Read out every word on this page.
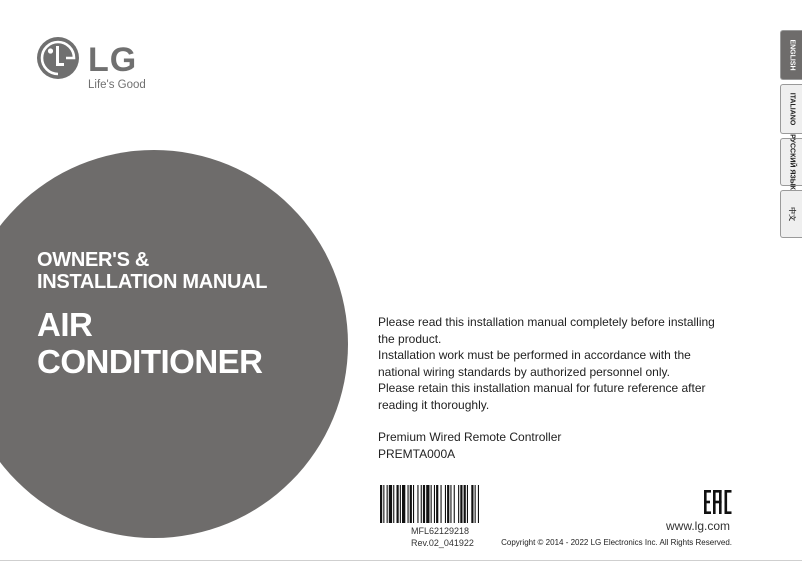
LG
Life's Good
OWNER'S &
INSTALLATION MANUAL
AIR
CONDITIONER

Please read this installation manual completely before installing the product.

Installation work must be performed in accordance with the national wiring standards by authorized personnel only.

Please retain this installation manual for future reference after reading it thoroughly.

Premium Wired Remote Controller
PREMTA000A
ENGLISH
ITALIANO
РУССКИЙ ЯЗЫК
中文
MFL62129218
Rev.02_041922
www.lg.com
Copyright © 2014 - 2022 LG Electronics Inc. All Rights Reserved.
